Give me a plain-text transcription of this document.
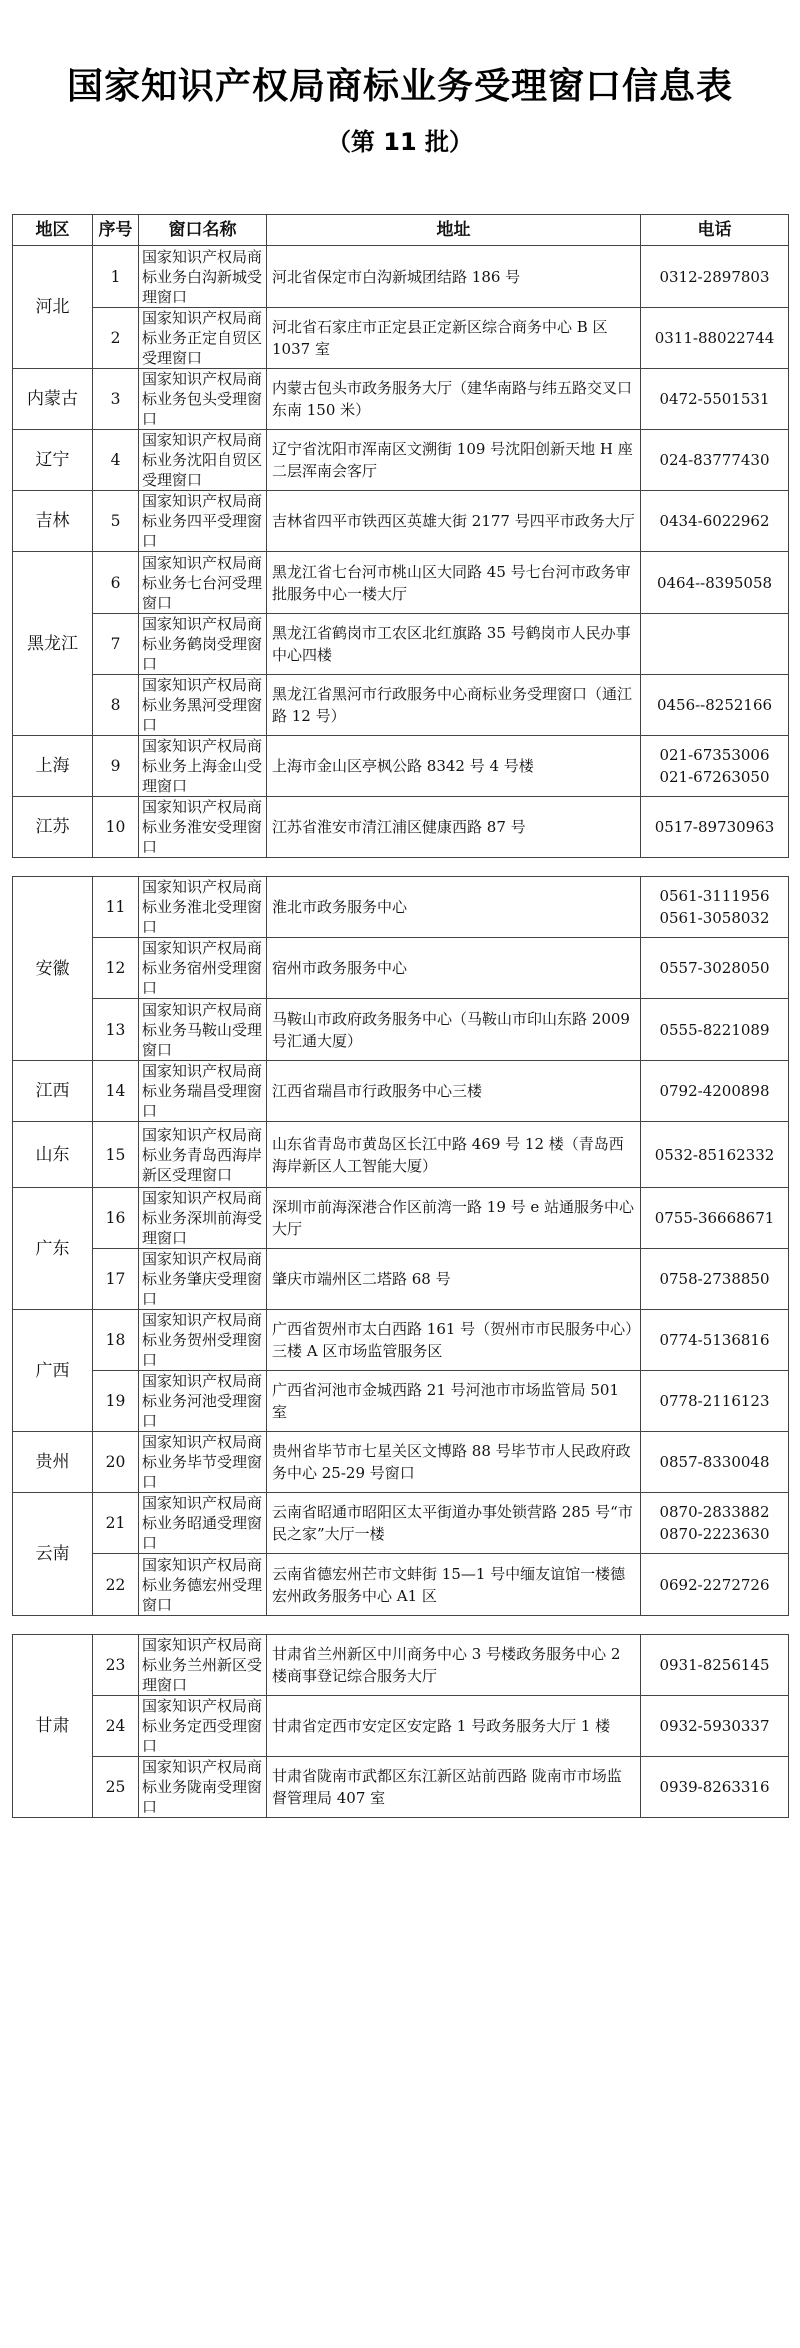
国家知识产权局商标业务受理窗口信息表
（第 11 批）
地区	序号	窗口名称	地址	电话
河北	1	国家知识产权局商标业务白沟新城受理窗口	河北省保定市白沟新城团结路 186 号	0312-2897803

	2	国家知识产权局商标业务正定自贸区受理窗口	河北省石家庄市正定县正定新区综合商务中心 B 区 1037 室	0311-88022744

内蒙古	3	国家知识产权局商标业务包头受理窗口	内蒙古包头市政务服务大厅（建华南路与纬五路交叉口东南 150 米）	0472-5501531

辽宁	4	国家知识产权局商标业务沈阳自贸区受理窗口	辽宁省沈阳市浑南区文溯街 109 号沈阳创新天地 H 座二层浑南会客厅	024-83777430

吉林	5	国家知识产权局商标业务四平受理窗口	吉林省四平市铁西区英雄大街 2177 号四平市政务大厅	0434-6022962

黑龙江	6	国家知识产权局商标业务七台河受理窗口	黑龙江省七台河市桃山区大同路 45 号七台河市政务审批服务中心一楼大厅	0464--8395058

	7	国家知识产权局商标业务鹤岗受理窗口	黑龙江省鹤岗市工农区北红旗路 35 号鹤岗市人民办事中心四楼	

	8	国家知识产权局商标业务黑河受理窗口	黑龙江省黑河市行政服务中心商标业务受理窗口（通江路 12 号）	0456--8252166

上海	9	国家知识产权局商标业务上海金山受理窗口	上海市金山区亭枫公路 8342 号 4 号楼	021-67353006
021-67263050

江苏	10	国家知识产权局商标业务淮安受理窗口	江苏省淮安市清江浦区健康西路 87 号	0517-89730963

安徽	11	国家知识产权局商标业务淮北受理窗口	淮北市政务服务中心	0561-3111956
0561-3058032

	12	国家知识产权局商标业务宿州受理窗口	宿州市政务服务中心	0557-3028050

	13	国家知识产权局商标业务马鞍山受理窗口	马鞍山市政府政务服务中心（马鞍山市印山东路 2009 号汇通大厦）	0555-8221089

江西	14	国家知识产权局商标业务瑞昌受理窗口	江西省瑞昌市行政服务中心三楼	0792-4200898

山东	15	国家知识产权局商标业务青岛西海岸新区受理窗口	山东省青岛市黄岛区长江中路 469 号 12 楼（青岛西海岸新区人工智能大厦）	0532-85162332

广东	16	国家知识产权局商标业务深圳前海受理窗口	深圳市前海深港合作区前湾一路 19 号 e 站通服务中心大厅	0755-36668671

	17	国家知识产权局商标业务肇庆受理窗口	肇庆市端州区二塔路 68 号	0758-2738850

广西	18	国家知识产权局商标业务贺州受理窗口	广西省贺州市太白西路 161 号（贺州市市民服务中心）三楼 A 区市场监管服务区	0774-5136816

	19	国家知识产权局商标业务河池受理窗口	广西省河池市金城西路 21 号河池市市场监管局 501 室	0778-2116123

贵州	20	国家知识产权局商标业务毕节受理窗口	贵州省毕节市七星关区文博路 88 号毕节市人民政府政务中心 25-29 号窗口	0857-8330048

云南	21	国家知识产权局商标业务昭通受理窗口	云南省昭通市昭阳区太平街道办事处锁营路 285 号“市民之家”大厅一楼	0870-2833882
0870-2223630

	22	国家知识产权局商标业务德宏州受理窗口	云南省德宏州芒市文蚌街 15—1 号中缅友谊馆一楼德宏州政务服务中心 A1 区	0692-2272726

甘肃	23	国家知识产权局商标业务兰州新区受理窗口	甘肃省兰州新区中川商务中心 3 号楼政务服务中心 2 楼商事登记综合服务大厅	0931-8256145

	24	国家知识产权局商标业务定西受理窗口	甘肃省定西市安定区安定路 1 号政务服务大厅 1 楼	0932-5930337

	25	国家知识产权局商标业务陇南受理窗口	甘肃省陇南市武都区东江新区站前西路 陇南市市场监督管理局 407 室	0939-8263316
